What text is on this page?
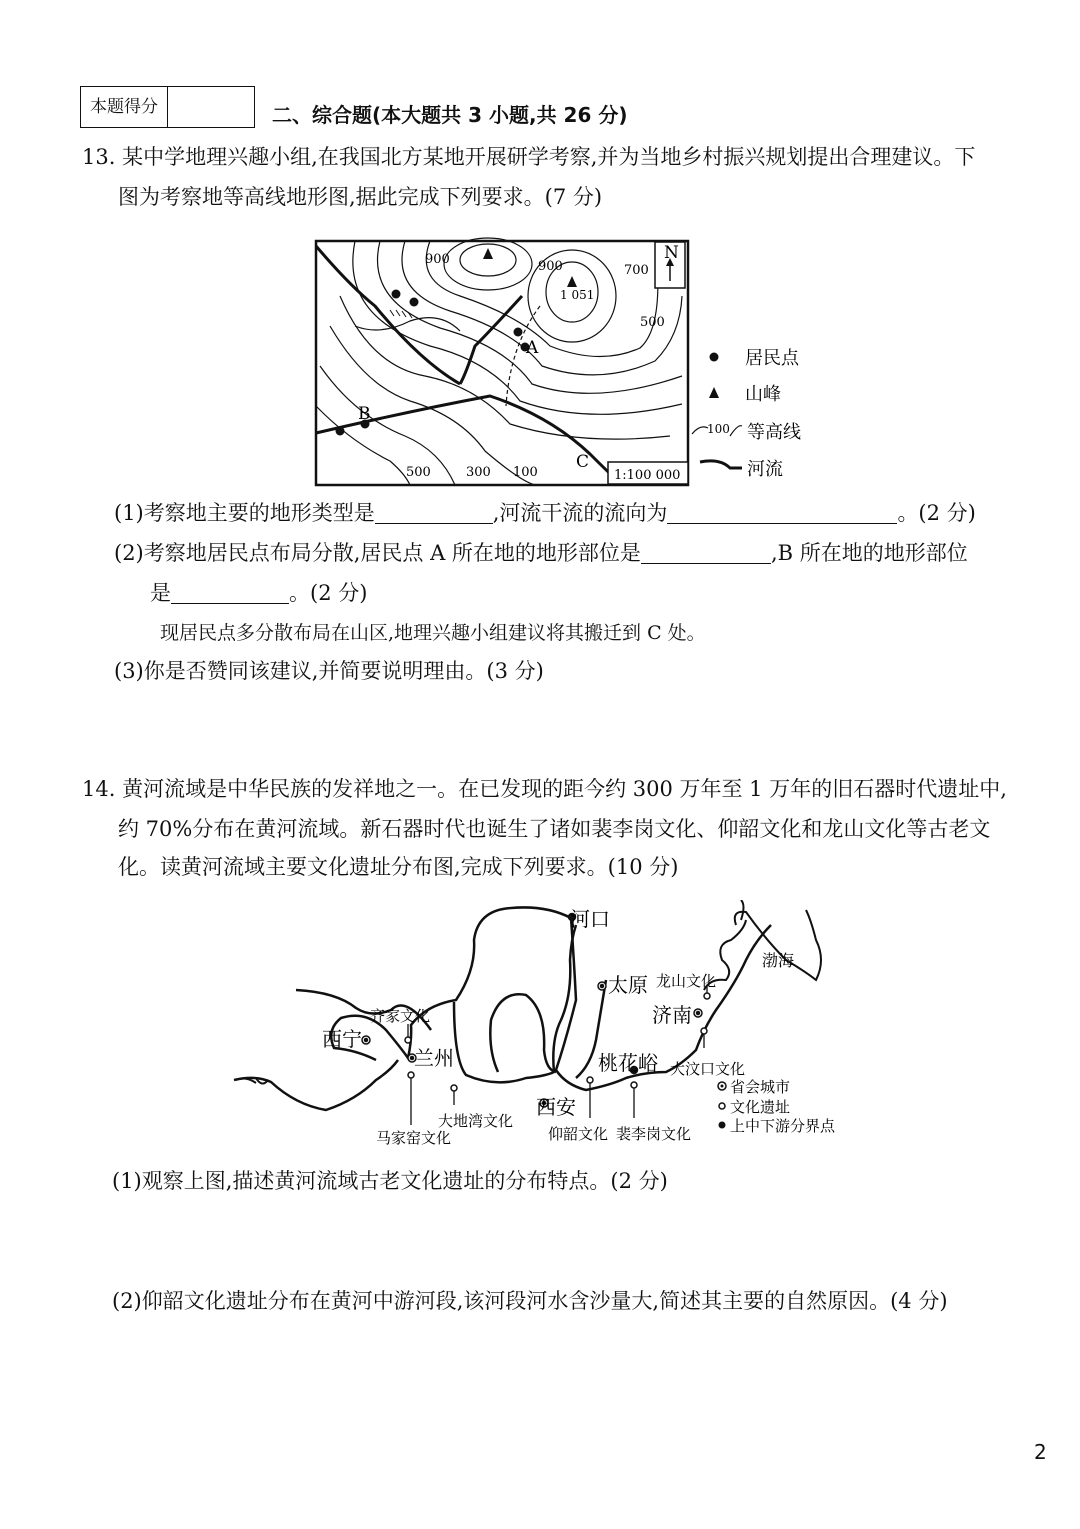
本题得分	二、综合题(本大题共 3 小题,共 26 分)
13. 某中学地理兴趣小组,在我国北方某地开展研学考察,并为当地乡村振兴规划提出合理建议。下
图为考察地等高线地形图,据此完成下列要求。(7 分)
N
1:100 000
900	900	700
500
1 051
A
B
C
500	300 100
居民点
山峰
100 等高线
河流
(1)考察地主要的地形类型是	,河流干流的流向为	。(2 分)
(2)考察地居民点布局分散,居民点 A 所在地的地形部位是	,B 所在地的地形部位
是	。(2 分)
现居民点多分散布局在山区,地理兴趣小组建议将其搬迁到 C 处。
(3)你是否赞同该建议,并简要说明理由。(3 分)
14. 黄河流域是中华民族的发祥地之一。在已发现的距今约 300 万年至 1 万年的旧石器时代遗址中,
约 70%分布在黄河流域。新石器时代也诞生了诸如裴李岗文化、仰韶文化和龙山文化等古老文
化。读黄河流域主要文化遗址分布图,完成下列要求。(10 分)
河口
太原 龙山文化
渤海
济南
西宁
齐家文化
兰州	桃花峪 大汶口文化
西安
大地湾文化
马家窑文化	仰韶文化 裴李岗文化
省会城市
文化遗址
上中下游分界点
(1)观察上图,描述黄河流域古老文化遗址的分布特点。(2 分)
(2)仰韶文化遗址分布在黄河中游河段,该河段河水含沙量大,简述其主要的自然原因。(4 分)
2
